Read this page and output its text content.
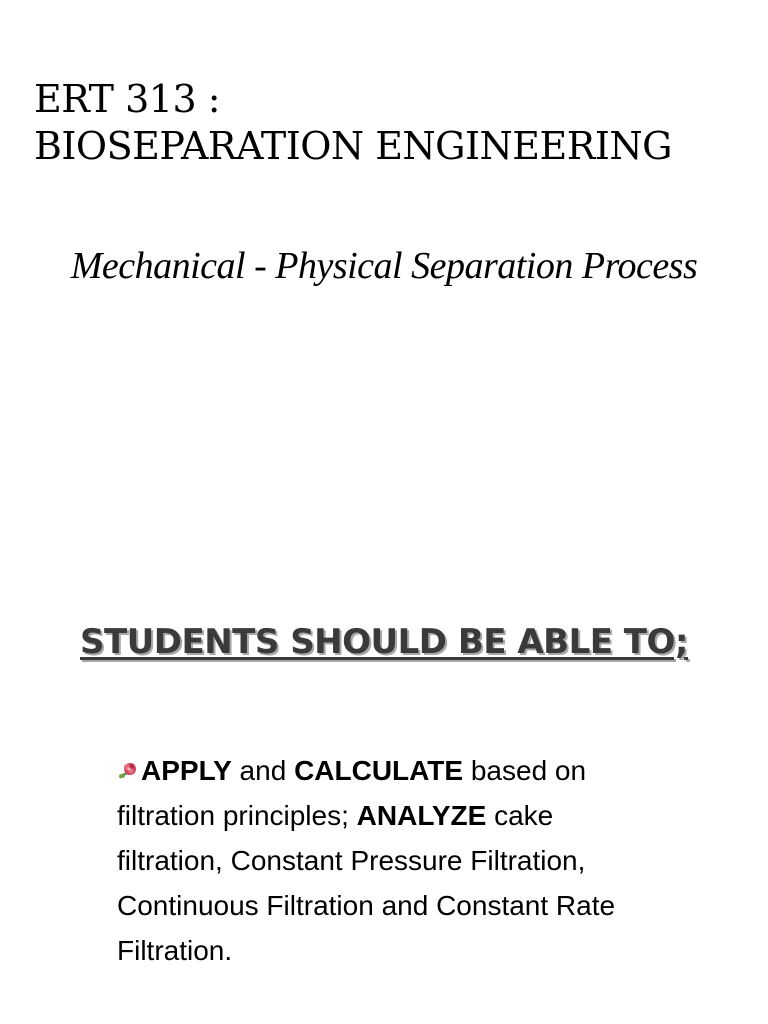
ERT 313 :
BIOSEPARATION ENGINEERING
Mechanical - Physical Separation Process
STUDENTS SHOULD BE ABLE TO;
APPLY and CALCULATE based on
filtration principles; ANALYZE cake
filtration, Constant Pressure Filtration,
Continuous Filtration and Constant Rate
Filtration.
